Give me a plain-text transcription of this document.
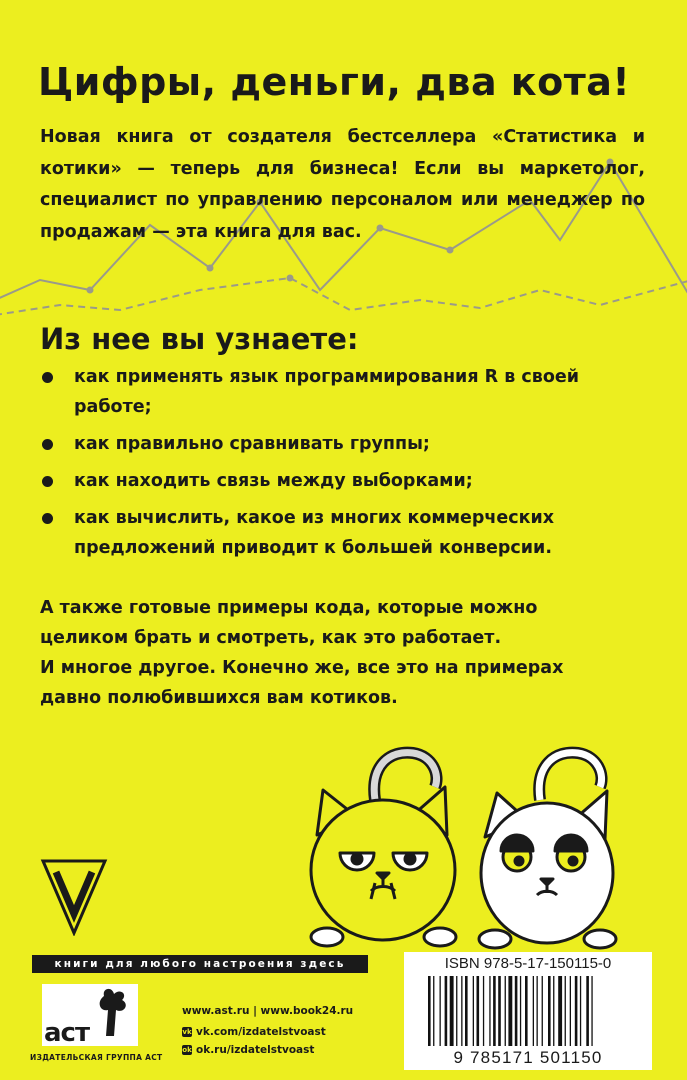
Цифры, деньги, два кота!
Новая книга от создателя бестселлера «Статистика и котики» — теперь для бизнеса! Если вы маркетолог, специалист по управлению персоналом или менеджер по продажам — эта книга для вас.
Из нее вы узнаете:
как применять язык программирования R в своей работе;
как правильно сравнивать группы;
как находить связь между выборками;
как вычислить, какое из многих коммерческих предложений приводит к большей конверсии.
А также готовые примеры кода, которые можно
целиком брать и смотреть, как это работает.
И многое другое. Конечно же, все это на примерах
давно полюбившихся вам котиков.
книги для любого настроения здесь
аст
ИЗДАТЕЛЬСКАЯ ГРУППА АСТ
www.ast.ru | www.book24.ru
vk vk.com/izdatelstvoast
ok ok.ru/izdatelstvoast
ISBN 978-5-17-150115-0
9 785171 501150
